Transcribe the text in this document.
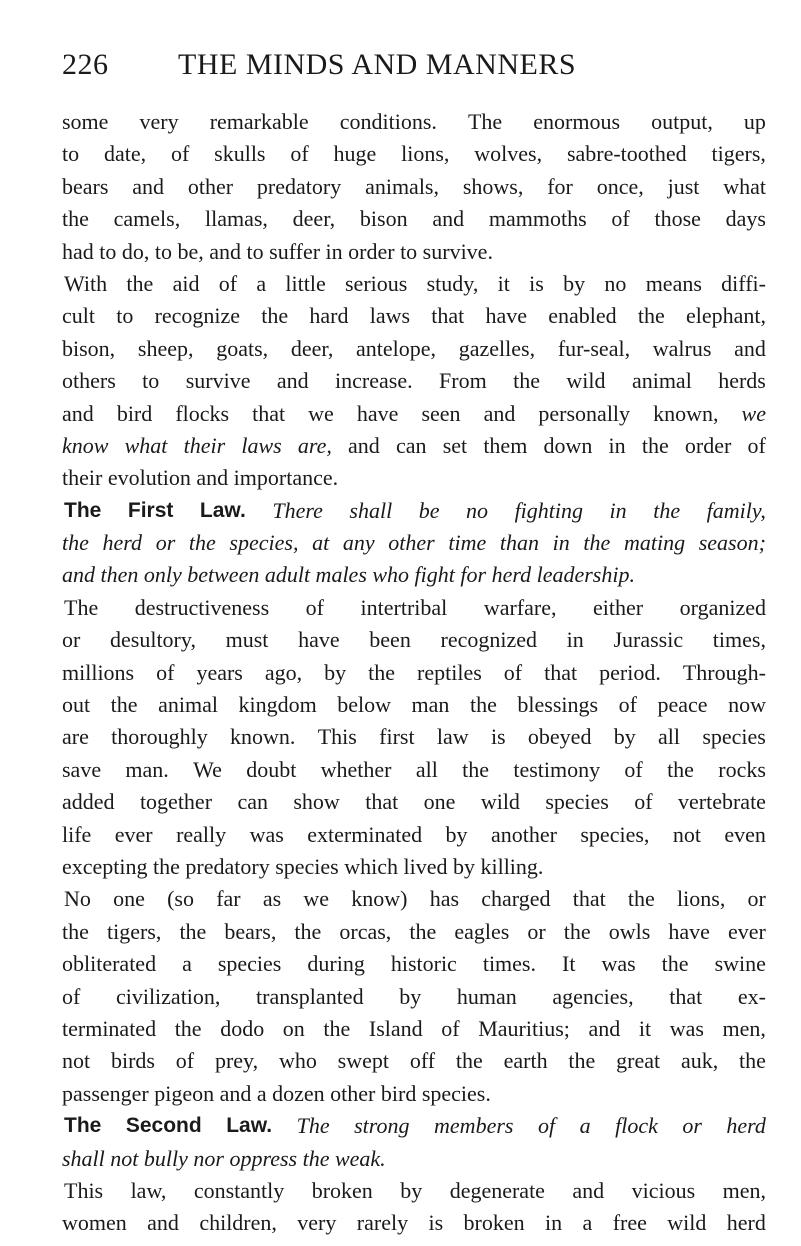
226 THE MINDS AND MANNERS
some very remarkable conditions. The enormous output, up
to date, of skulls of huge lions, wolves, sabre-toothed tigers,
bears and other predatory animals, shows, for once, just what
the camels, llamas, deer, bison and mammoths of those days
had to do, to be, and to suffer in order to survive.
With the aid of a little serious study, it is by no means diffi-
cult to recognize the hard laws that have enabled the elephant,
bison, sheep, goats, deer, antelope, gazelles, fur-seal, walrus and
others to survive and increase. From the wild animal herds
and bird flocks that we have seen and personally known, we
know what their laws are, and can set them down in the order of
their evolution and importance.
The First Law. There shall be no fighting in the family,
the herd or the species, at any other time than in the mating season;
and then only between adult males who fight for herd leadership.
The destructiveness of intertribal warfare, either organized
or desultory, must have been recognized in Jurassic times,
millions of years ago, by the reptiles of that period. Through-
out the animal kingdom below man the blessings of peace now
are thoroughly known. This first law is obeyed by all species
save man. We doubt whether all the testimony of the rocks
added together can show that one wild species of vertebrate
life ever really was exterminated by another species, not even
excepting the predatory species which lived by killing.
No one (so far as we know) has charged that the lions, or
the tigers, the bears, the orcas, the eagles or the owls have ever
obliterated a species during historic times. It was the swine
of civilization, transplanted by human agencies, that ex-
terminated the dodo on the Island of Mauritius; and it was men,
not birds of prey, who swept off the earth the great auk, the
passenger pigeon and a dozen other bird species.
The Second Law. The strong members of a flock or herd
shall not bully nor oppress the weak.
This law, constantly broken by degenerate and vicious men,
women and children, very rarely is broken in a free wild herd
